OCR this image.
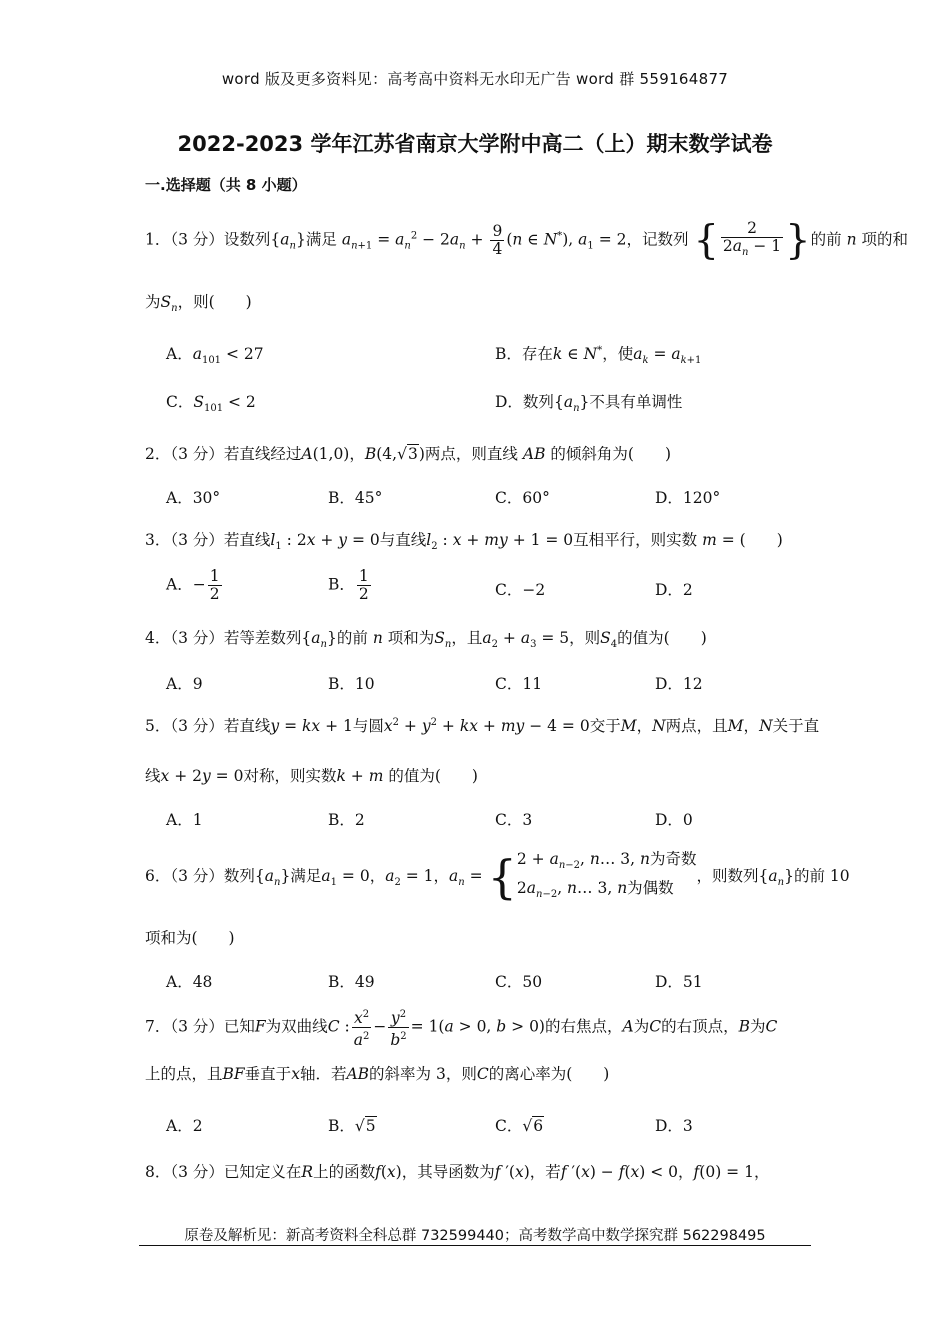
word 版及更多资料见：高考高中资料无水印无广告 word 群 559164877
2022-2023 学年江苏省南京大学附中高二（上）期末数学试卷
一.选择题（共 8 小题）
1．（3 分）设数列$\{a_n\}$满足 $a_{n+1} = a_n^2 - 2a_n + \frac{9}{4} (n$ ∈ N*), $a_1 = 2$，记数列 { $\frac{2}{2a_n - 1}$ }的前 n 项的和
为$S_n$，则(　　)
A．$a_{101} < 27$	B．存在k ∈ N*，使$a_k = a_{k+1}$
C．$S_{101} < 2$	D．数列$\{a_n\}$不具有单调性
2．（3 分）若直线经过A(1,0)，B(4,√3)两点，则直线 AB 的倾斜角为(　　)
A．30°	B．45°	C．60°	D．120°
3．（3 分）若直线$l_1$ : 2x + y = 0与直线$l_2$ : x + my + 1 = 0互相平行，则实数 m = (　　)
A．− $\frac{1}{2}$	B． $\frac{1}{2}$	C．−2	D．2
4．（3 分）若等差数列$\{a_n\}$的前 n 项和为$S_n$，且$a_2 + a_3 = 5$，则$S_4$的值为(　　)
A．9	B．10	C．11	D．12
5．（3 分）若直线y = kx + 1与圆$x^2 + y^2$ + kx + my − 4 = 0交于M，N两点，且M，N关于直
线x + 2y = 0对称，则实数k + m 的值为(　　)
A．1	B．2	C．3	D．0
6．（3 分）数列$\{a_n\}$满足$a_1 = 0$，$a_2 = 1$，$a_n$ = { $2 + a_{n-2}$, n… 3, n为奇数
$2a_{n-2}$, n… 3, n为偶数
，则数列$\{a_n\}$的前 10
项和为(　　)
A．48	B．49	C．50	D．51
7．（3 分）已知F为双曲线C : $\frac{x^2}{a^2} - \frac{y^2}{b^2} = 1(a > 0$, b > 0)的右焦点，A为C的右顶点，B为C
上的点，且BF垂直于x轴．若AB的斜率为 3，则C的离心率为(　　)
A．2	B．√5	C．√6	D．3
8．（3 分）已知定义在R上的函数f(x)，其导函数为f ′(x)，若f ′(x) − f(x) < 0，f(0) = 1，
原卷及解析见：新高考资料全科总群 732599440；高考数学高中数学探究群 562298495
